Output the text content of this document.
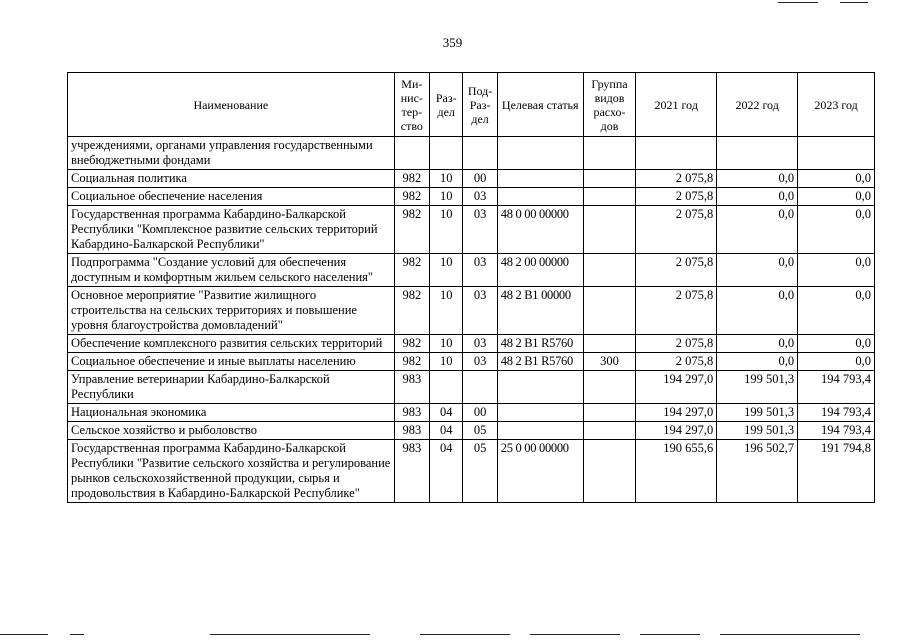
359
Наименование	Ми-нис-тер-ство	Раз-дел	Под-Раз-дел	Целевая статья	Группа видов расхо-дов	2021 год	2022 год	2023 год
учреждениями, органами управления государственными внебюджетными фондами								
Социальная политика	982	10	00			2 075,8	0,0	0,0
Социальное обеспечение населения	982	10	03			2 075,8	0,0	0,0
Государственная программа Кабардино-Балкарской Республики "Комплексное развитие сельских территорий Кабардино-Балкарской Республики"	982	10	03	48 0 00 00000		2 075,8	0,0	0,0
Подпрограмма "Создание условий для обеспечения доступным и комфортным жильем сельского населения"	982	10	03	48 2 00 00000		2 075,8	0,0	0,0
Основное мероприятие "Развитие жилищного строительства на сельских территориях и повышение уровня благоустройства домовладений"	982	10	03	48 2 B1 00000		2 075,8	0,0	0,0
Обеспечение комплексного развития сельских территорий	982	10	03	48 2 B1 R5760		2 075,8	0,0	0,0
Социальное обеспечение и иные выплаты населению	982	10	03	48 2 B1 R5760	300	2 075,8	0,0	0,0
Управление ветеринарии Кабардино-Балкарской Республики	983					194 297,0	199 501,3	194 793,4
Национальная экономика	983	04	00			194 297,0	199 501,3	194 793,4
Сельское хозяйство и рыболовство	983	04	05			194 297,0	199 501,3	194 793,4
Государственная программа Кабардино-Балкарской Республики "Развитие сельского хозяйства и регулирование рынков сельскохозяйственной продукции, сырья и продовольствия в Кабардино-Балкарской Республике"	983	04	05	25 0 00 00000		190 655,6	196 502,7	191 794,8
